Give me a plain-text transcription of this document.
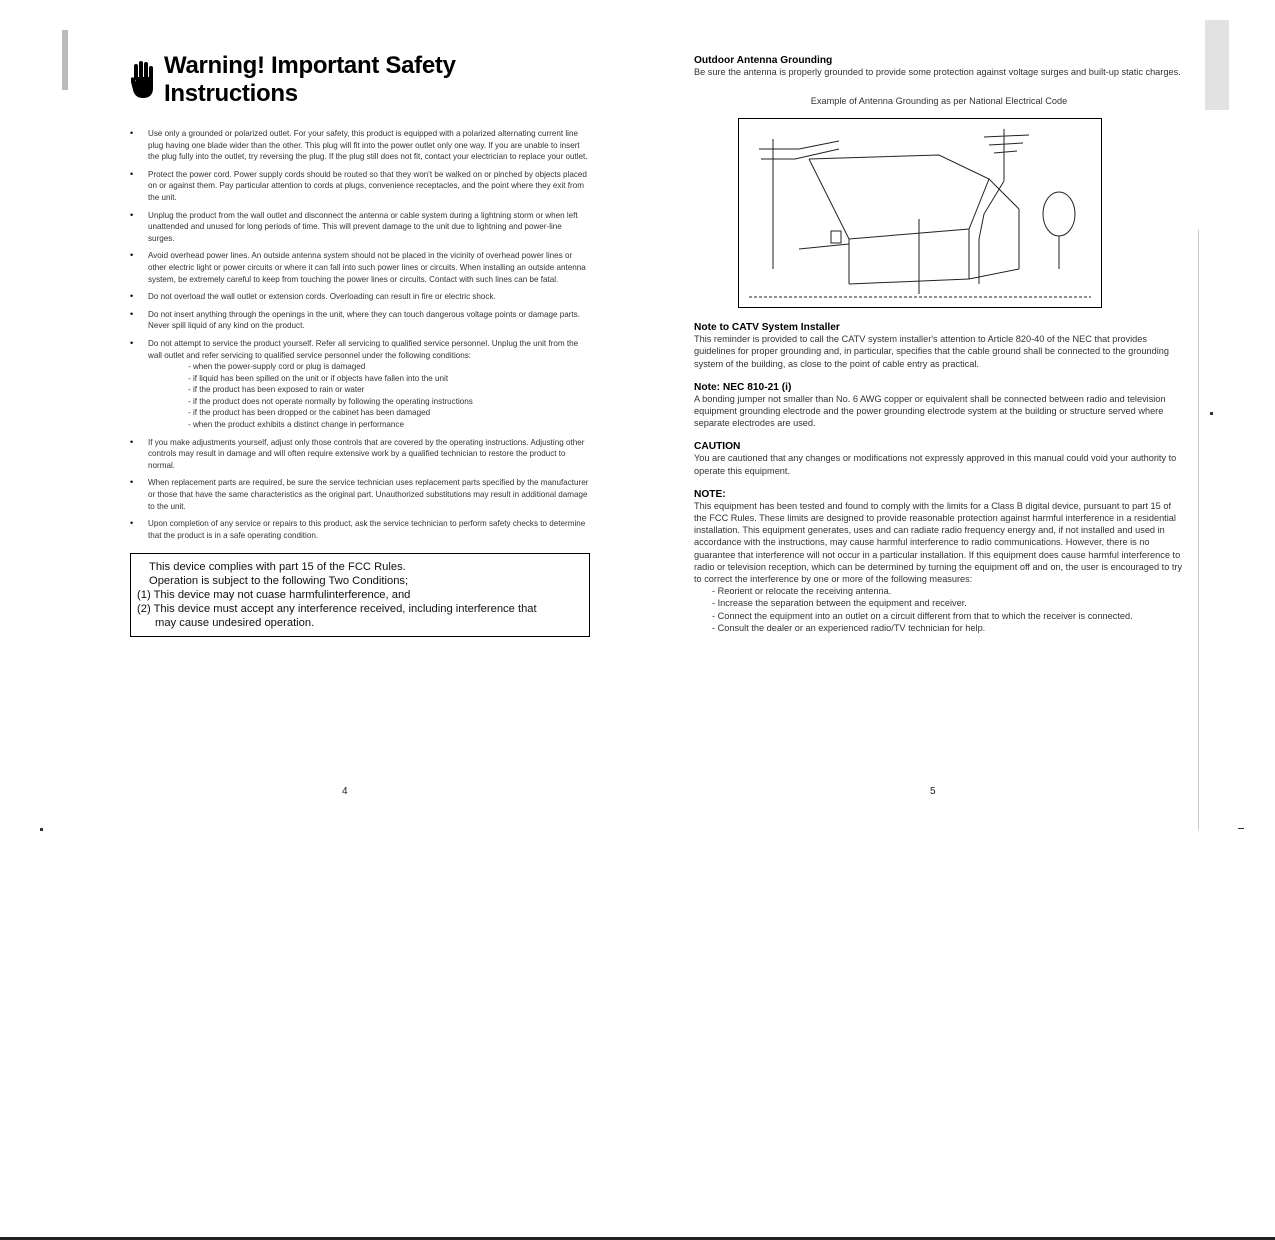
Warning! Important Safety Instructions
• Use only a grounded or polarized outlet. For your safety, this product is equipped with a polarized alternating current line plug having one blade wider than the other. This plug will fit into the power outlet only one way. If you are unable to insert the plug fully into the outlet, try reversing the plug. If the plug still does not fit, contact your electrician to replace your outlet.
• Protect the power cord. Power supply cords should be routed so that they won't be walked on or pinched by objects placed on or against them. Pay particular attention to cords at plugs, convenience receptacles, and the point where they exit from the unit.
• Unplug the product from the wall outlet and disconnect the antenna or cable system during a lightning storm or when left unattended and unused for long periods of time. This will prevent damage to the unit due to lightning and power-line surges.
• Avoid overhead power lines. An outside antenna system should not be placed in the vicinity of overhead power lines or other electric light or power circuits or where it can fall into such power lines or circuits. When installing an outside antenna system, be extremely careful to keep from touching the power lines or circuits. Contact with such lines can be fatal.
• Do not overload the wall outlet or extension cords. Overloading can result in fire or electric shock.
• Do not insert anything through the openings in the unit, where they can touch dangerous voltage points or damage parts. Never spill liquid of any kind on the product.
• Do not attempt to service the product yourself. Refer all servicing to qualified service personnel. Unplug the unit from the wall outlet and refer servicing to qualified service personnel under the following conditions:
- when the power-supply cord or plug is damaged
- if liquid has been spilled on the unit or if objects have fallen into the unit
- if the product has been exposed to rain or water
- if the product does not operate normally by following the operating instructions
- if the product has been dropped or the cabinet has been damaged
- when the product exhibits a distinct change in performance
• If you make adjustments yourself, adjust only those controls that are covered by the operating instructions. Adjusting other controls may result in damage and will often require extensive work by a qualified technician to restore the product to normal.
• When replacement parts are required, be sure the service technician uses replacement parts specified by the manufacturer or those that have the same characteristics as the original part. Unauthorized substitutions may result in additional damage to the unit.
• Upon completion of any service or repairs to this product, ask the service technician to perform safety checks to determine that the product is in a safe operating condition.
This device complies with part 15 of the FCC Rules.
Operation is subject to the following Two Conditions;
(1) This device may not cuase harmfulinterference, and
(2) This device must accept any interference received, including interference that
may cause undesired operation.
4
Outdoor Antenna Grounding

Be sure the antenna is properly grounded to provide some protection against voltage surges and built-up static charges.

Example of Antenna Grounding as per National Electrical Code
Note to CATV System Installer

This reminder is provided to call the CATV system installer's attention to Article 820-40 of the NEC that provides guidelines for proper grounding and, in particular, specifies that the cable ground shall be connected to the grounding system of the building, as close to the point of cable entry as practical.

Note: NEC 810-21 (i)

A bonding jumper not smaller than No. 6 AWG copper or equivalent shall be connected between radio and television equipment grounding electrode and the power grounding electrode system at the building or structure served where separate electrodes are used.

CAUTION

You are cautioned that any changes or modifications not expressly approved in this manual could void your authority to operate this equipment.

NOTE:

This equipment has been tested and found to comply with the limits for a Class B digital device, pursuant to part 15 of the FCC Rules. These limits are designed to provide reasonable protection against harmful interference in a residential installation. This equipment generates, uses and can radiate radio frequency energy and, if not installed and used in accordance with the instructions, may cause harmful interference to radio communications. However, there is no guarantee that interference will not occur in a particular installation. If this equipment does cause harmful interference to radio or television reception, which can be determined by turning the equipment off and on, the user is encouraged to try to correct the interference by one or more of the following measures:

- Reorient or relocate the receiving antenna.
- Increase the separation between the equipment and receiver.
- Connect the equipment into an outlet on a circuit different from that to which the receiver is connected.
- Consult the dealer or an experienced radio/TV technician for help.
5
